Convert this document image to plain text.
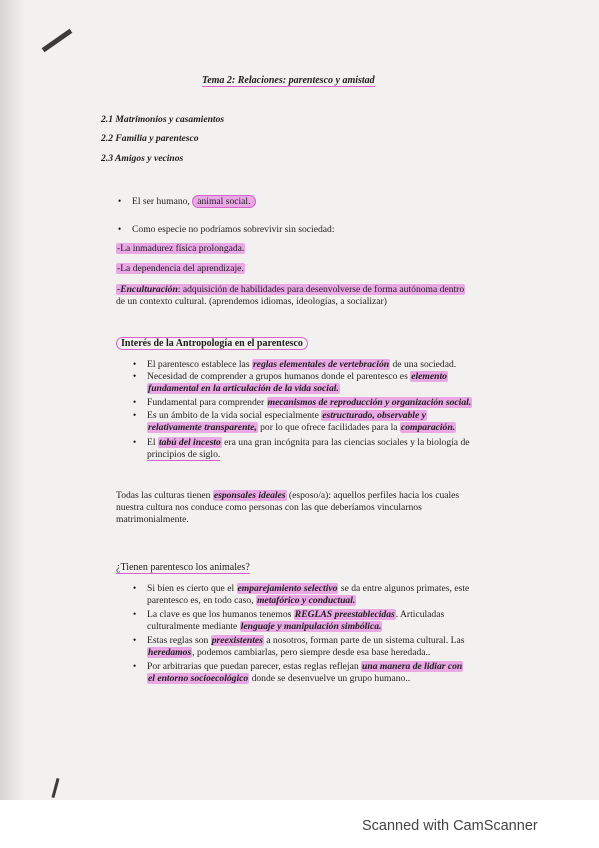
Tema 2: Relaciones: parentesco y amistad
2.1 Matrimonios y casamientos
2.2 Familia y parentesco
2.3 Amigos y vecinos
• El ser humano, animal social.
• Como especie no podríamos sobrevivir sin sociedad:
-La inmadurez física prolongada.
-La dependencia del aprendizaje.
-Enculturación: adquisición de habilidades para desenvolverse de forma autónoma dentro
de un contexto cultural. (aprendemos idiomas, ideologías, a socializar)
Interés de la Antropología en el parentesco
• El parentesco establece las reglas elementales de vertebración de una sociedad.
• Necesidad de comprender a grupos humanos donde el parentesco es elemento
fundamental en la articulación de la vida social.
• Fundamental para comprender mecanismos de reproducción y organización social.
• Es un ámbito de la vida social especialmente estructurado, observable y
relativamente transparente, por lo que ofrece facilidades para la comparación.
• El tabú del incesto era una gran incógnita para las ciencias sociales y la biología de
principios de siglo.
Todas las culturas tienen esponsales ideales (esposo/a): aquellos perfiles hacia los cuales
nuestra cultura nos conduce como personas con las que deberíamos vincularnos
matrimonialmente.
¿Tienen parentesco los animales?
• Si bien es cierto que el emparejamiento selectivo se da entre algunos primates, este
parentesco es, en todo caso, metafórico y conductual.
• La clave es que los humanos tenemos REGLAS preestablecidas. Articuladas
culturalmente mediante lenguaje y manipulación simbólica.
• Estas reglas son preexistentes a nosotros, forman parte de un sistema cultural. Las
heredamos, podemos cambiarlas, pero siempre desde esa base heredada..
• Por arbitrarias que puedan parecer, estas reglas reflejan una manera de lidiar con
el entorno socioecológico donde se desenvuelve un grupo humano..
Scanned with CamScanner
